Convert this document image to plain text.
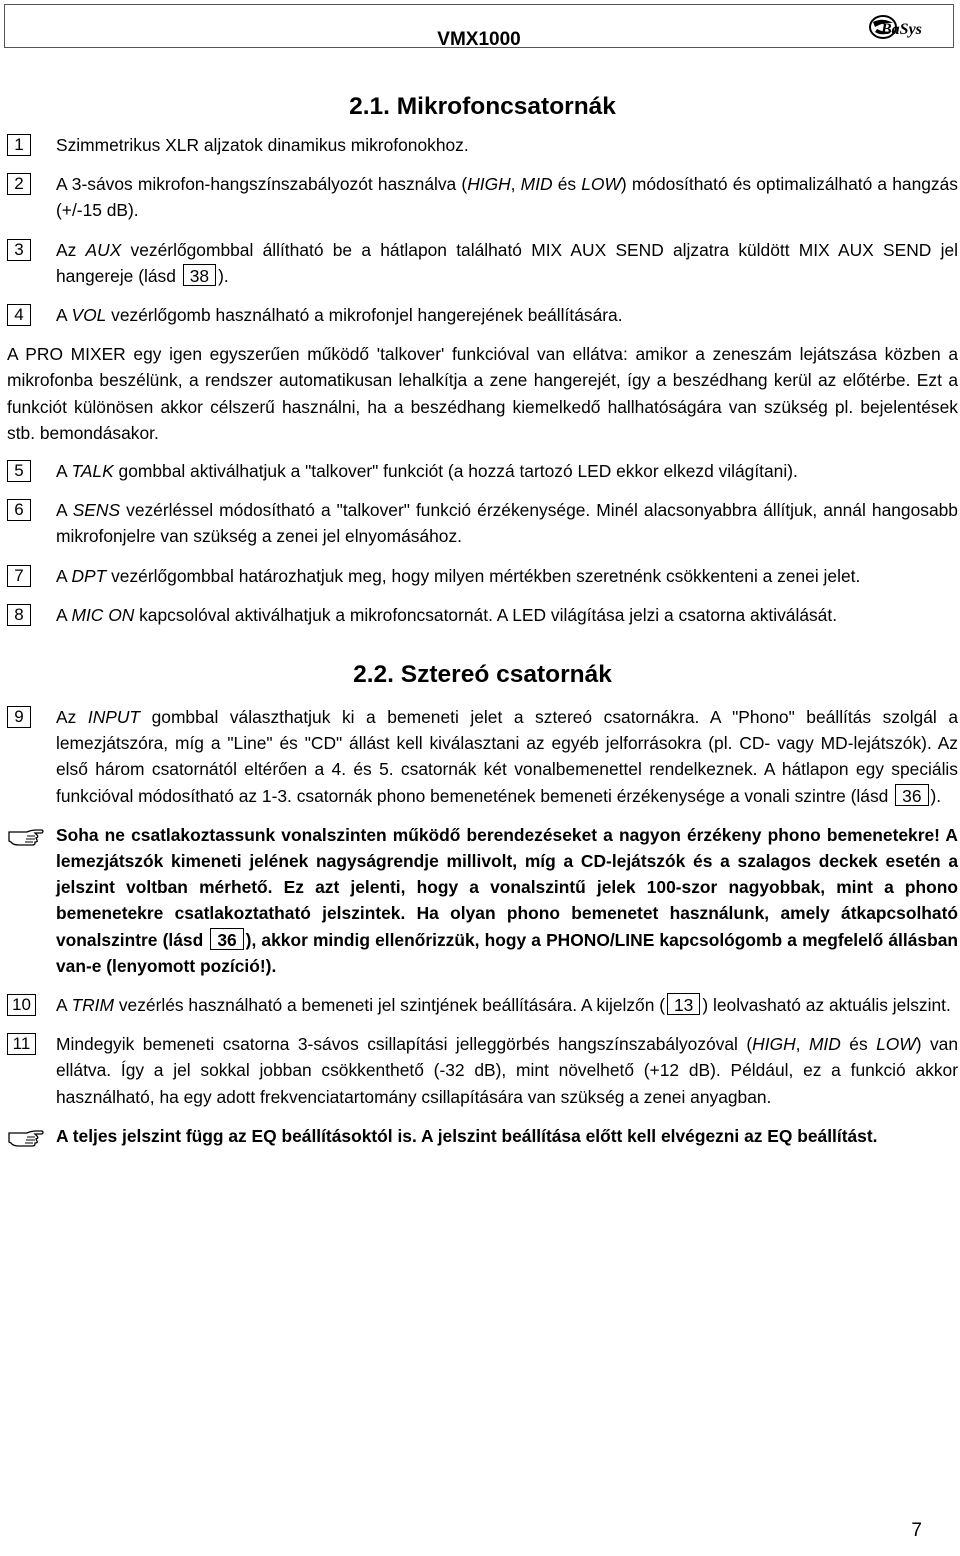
VMX1000	BaSys
2.1. Mikrofoncsatornák
1	Szimmetrikus XLR aljzatok dinamikus mikrofonokhoz.
2	A 3-sávos mikrofon-hangszínszabályozót használva (HIGH, MID és LOW) módosítható és optimalizálható a hangzás (+/-15 dB).
3	Az AUX vezérlőgombbal állítható be a hátlapon található MIX AUX SEND aljzatra küldött MIX AUX SEND jel hangereje (lásd 38 ).
4	A VOL vezérlőgomb használható a mikrofonjel hangerejének beállítására.
A PRO MIXER egy igen egyszerűen működő 'talkover' funkcióval van ellátva: amikor a zeneszám lejátszása közben a mikrofonba beszélünk, a rendszer automatikusan lehalkítja a zene hangerejét, így a beszédhang kerül az előtérbe. Ezt a funkciót különösen akkor célszerű használni, ha a beszédhang kiemelkedő hallhatóságára van szükség pl. bejelentések stb. bemondásakor.
5	A TALK gombbal aktiválhatjuk a "talkover" funkciót (a hozzá tartozó LED ekkor elkezd világítani).
6	A SENS vezérléssel módosítható a "talkover" funkció érzékenysége. Minél alacsonyabbra állítjuk, annál hangosabb mikrofonjelre van szükség a zenei jel elnyomásához.
7	A DPT vezérlőgombbal határozhatjuk meg, hogy milyen mértékben szeretnénk csökkenteni a zenei jelet.
8	A MIC ON kapcsolóval aktiválhatjuk a mikrofoncsatornát. A LED világítása jelzi a csatorna aktiválását.
2.2. Sztereó csatornák
9	Az INPUT gombbal választhatjuk ki a bemeneti jelet a sztereó csatornákra. A "Phono" beállítás szolgál a lemezjátszóra, míg a "Line" és "CD" állást kell kiválasztani az egyéb jelforrásokra (pl. CD- vagy MD-lejátszók). Az első három csatornától eltérően a 4. és 5. csatornák két vonalbemenettel rendelkeznek. A hátlapon egy speciális funkcióval módosítható az 1-3. csatornák phono bemenetének bemeneti érzékenysége a vonali szintre (lásd 36 ).
Soha ne csatlakoztassunk vonalszinten működő berendezéseket a nagyon érzékeny phono bemenetekre! A lemezjátszók kimeneti jelének nagyságrendje millivolt, míg a CD-lejátszók és a szalagos deckek esetén a jelszint voltban mérhető. Ez azt jelenti, hogy a vonalszintű jelek 100-szor nagyobbak, mint a phono bemenetekre csatlakoztatható jelszintek. Ha olyan phono bemenetet használunk, amely átkapcsolható vonalszintre (lásd 36 ), akkor mindig ellenőrizzük, hogy a PHONO/LINE kapcsológomb a megfelelő állásban van-e (lenyomott pozíció!).
10 A TRIM vezérlés használható a bemeneti jel szintjének beállítására. A kijelzőn ( 13 ) leolvasható az aktuális jelszint.
11	Mindegyik bemeneti csatorna 3-sávos csillapítási jelleggörbés hangszínszabályozóval (HIGH, MID és LOW) van ellátva. Így a jel sokkal jobban csökkenthető (-32 dB), mint növelhető (+12 dB). Például, ez a funkció akkor használható, ha egy adott frekvenciatartomány csillapítására van szükség a zenei anyagban.
A teljes jelszint függ az EQ beállításoktól is. A jelszint beállítása előtt kell elvégezni az EQ beállítást.
7
